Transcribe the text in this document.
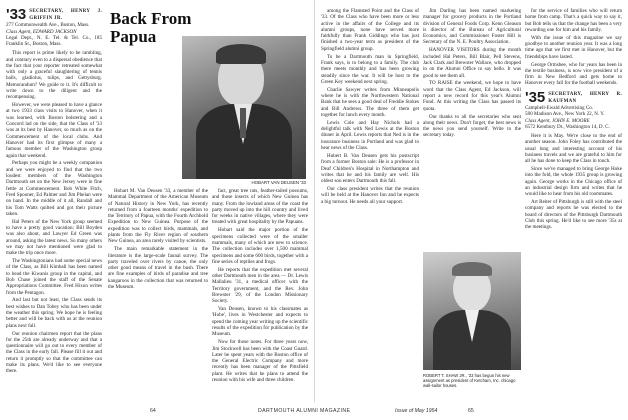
'33 SECRETARY, HENRY J. GRIFFIN JR.
277 Commonwealth Ave., Boston, Mass.
Class Agent, EDWARD JACKSON
Legal Dept., N. E. Tel. & Tel. Co., 185 Franklin St., Boston, Mass.

This report is prime likely to be rambling, and contrary even to a dispersal obedience that the fact that your reporter retreated somewhat with only a graceful slaughtering of tennis balls, gladiolus, tulips, and Gettysburg. Memorandum? We guide to it. It's difficult to write down to the diligent and the recompensing.

However, we were pleased to have a glance at two 1933 class visits to Hanover, when it was learned, with Boston bolstering and a Concord lad on the side, that the Class of '33 was at its best by Hanover, so much as on the Commencement of the local clubs. And Hanover had its first glimpse of many a famous member of the Washington group again that weekend.

Perhaps you might be a weekly companion and we were enjoyed to find that the two loudest members of the Washington Dartmouth set on the New Jersey were in fine fettle at Commencement. Bob White Fitch, Fred Spooner, Ed Palmer and Jim Phelan were on hand. In the middle of it all, Randall and his Tom Watts quilted and got their picture taken.

Hal Peters of the New York group seemed to have a pretty good vacation; Bill Boyden was also about, and Lawyer Ed Green was around, asking the latest news. So many others we may not have mentioned were glad to make the trip once more.

The Washingtonians had some special news of the Class, as Bill Kimball has been named to head the Kiwanis group in the capital, and Bob Chase joined the staff of the Senate Appropriations Committee. Fred Hixon writes from the Pentagon.

And last but not least, the Class sends its best wishes to Dan Tobey who has been under the weather this spring. We hope he is feeling better and will be back with us at the reunion plans next fall.

Our reunion chairmen report that the plans for the 25th are already underway and that a questionnaire will go out to every member of the Class in the early fall. Please fill it out and return it promptly so that the committee can make its plans. We'd like to see everyone there.

Back From
Papua

Hobart M. Van Deusen '33, a member of the Mammal Department of the American Museum of Natural History in New York, has recently returned from a fourteen months' expedition to the Territory of Papua, with the Fourth Archbold Expedition to New Guinea. Purpose of the expedition was to collect birds, mammals, and plants from the Fly River region of southern New Guinea, an area rarely visited by scientists.

The main remarkable statement in the literature is the large-scale faunal survey. The party traveled over rivers by canoe, the only other good means of travel in the bush. There are fine examples of birds of paradise and tree kangaroos in the collection that was returned to the Museum.

HOBART VAN DEUSEN '33

fact, great tree rats, feather-tailed possums, and those insects of which New Guinea has many. From the lowland areas of the coast the party moved up into the hill country and lived for weeks in native villages, where they were treated with great hospitality by the Papuans.

Hobart said the major portion of the specimens collected were of the smaller mammals, many of which are new to science. The collection includes over 1,500 mammal specimens and some 600 birds, together with a fine series of reptiles and frogs.

He reports that the expedition met several other Dartmouth men in the area — Dr. Lewis Mallalieu '31, a medical officer with the Territory government, and the Rev. John Brewster '29, of the London Missionary Society.

Van Deusen, known to his classmates as 'Hobe', lives in Westchester and expects to spend the coming year writing up the scientific results of the expedition for publication by the Museum.

Now for those notes. For three years now, Jim Stockwell has been with the Coast Guard. Later he spent years with the Boston office of the General Electric Company and more recently has been manager of the Pittsfield plant. He writes that he plans to attend the reunion with his wife and three children.

among the Flamsted Point and the Class of '33. Of the Class who have been more or less active in the affairs of the College and its alumni groups, none have served more faithfully than Frank Giddings who has just finished a two-year term as president of the Springfield alumni group.

To be a Dartmouth man in Springfield, Frank says, is to belong to a family. The club there meets monthly and has been growing steadily since the war. It will be host to the Green Key weekend next spring.

Charlie Sawyer writes from Minneapolis where he is with the Northwestern National Bank that he sees a good deal of Freddie Stokes and Bill Andrews. The three of them get together for lunch every month.

Lewis Cole and Hay Nichols had a delightful talk with Ned Lewis at the Boston dinner in April. Lewis reports that Ned is in the insurance business in Portland and was glad to hear news of the Class.

Hubert B. Van Deusen gets his postscript from a former Boston sale: He is a professor in Deaf Children's Hospital in Northampton and writes that he and his family are well. His oldest son enters Dartmouth this fall.

Our class president writes that the reunion will be held at the Hanover Inn and he expects a big turnout. He needs all your support.

Jim Darling has been named marketing manager for grocery products in the Portland division of General Foods Corp. Kenn Gleason is director of the Bureau of Agricultural Economics, and Commissioner Foster Hill is Secretary of the N. E. Poultry Association.

HANOVER VISITORS during the month included Hal Peters, Bill Blair, Pell Stevens, Jack Clark and Brewster Wallace, who dropped in on the Alumni Office to say hello. It was good to see them all.

TO RAISE the weekend, we hope to have word that the Class Agent, Ed Jackson, will report a new record for this year's Alumni Fund. At this writing the Class has passed its quota.

Our thanks to all the secretaries who sent along their news. Don't forget, the best news is the news you send yourself. Write to the secretary today.

ROBERT T. SHAW JR., '33 has begun his new assignment as president of Ketcham, Inc. chicago wall-sailor houses.

for the service of families who will return home from camp. That's a quick way to say it, but Bob tells us that the change has been a very rewarding one for him and his family.

With the issue of this magazine we say goodbye to another reunion year. It was a long time ago that we first met in Hanover, but the friendships have lasted.

George Ormsbee, who for years has been in the textile business, is now vice president of a firm in New Bedford and gets home to Hanover every fall for the football weekends.

'35 SECRETARY, HENRY R. KAUFMAN
Campbell-Ewald Advertising Co.
580 Madison Ave., New York 22, N. Y.
Class Agent, JOHN E. MOORE
6572 Kentbury Dr., Washington 14, D. C.

Here it is May. We're close to the end of another season. John Foley has contributed the usual long and interesting account of his business travels and we are grateful to him for all he has done to keep the Class in touch.

Since we've managed to bring George Hoke into the fold, the whole 1935 group is growing again. George works in the Chicago office of an industrial design firm and writes that he would like to hear from his old roommates.

Art Reiter of Pittsburgh is still with the steel company and reports he was elected to the board of directors of the Pittsburgh Dartmouth Club this spring. He'd like to see more '35s at the meetings.

64	DARTMOUTH ALUMNI MAGAZINE	Issue of May 1954	65
